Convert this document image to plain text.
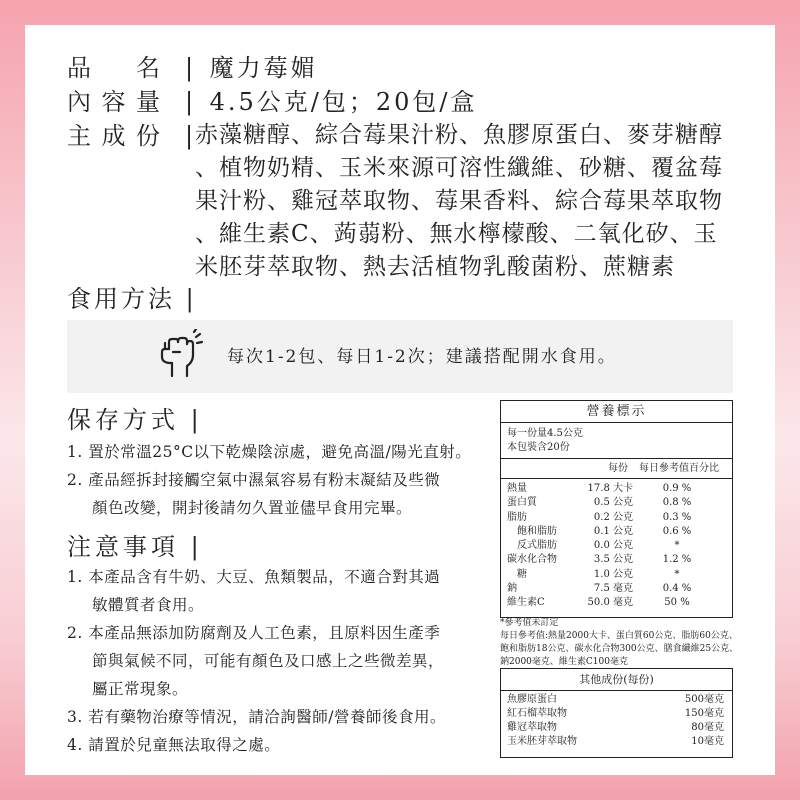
品 名 | 魔力莓媚
內 容 量 | 4.5公克/包；20包/盒
主 成 份 |
赤藻糖醇、綜合莓果汁粉、魚膠原蛋白、麥芽糖醇
、植物奶精、玉米來源可溶性纖維、砂糖、覆盆莓
果汁粉、雞冠萃取物、莓果香料、綜合莓果萃取物
、維生素C、蒟蒻粉、無水檸檬酸、二氧化矽、玉
米胚芽萃取物、熱去活植物乳酸菌粉、蔗糖素
食用方法 |
每次1-2包、每日1-2次；建議搭配開水食用。
保存方式 |
1. 置於常溫25°C以下乾燥陰涼處，避免高溫/陽光直射。
2. 產品經拆封接觸空氣中濕氣容易有粉末凝結及些微
顏色改變，開封後請勿久置並儘早食用完畢。
注意事項 |
1. 本產品含有牛奶、大豆、魚類製品，不適合對其過
敏體質者食用。
2. 本產品無添加防腐劑及人工色素，且原料因生產季
節與氣候不同，可能有顏色及口感上之些微差異，
屬正常現象。
3. 若有藥物治療等情況，請洽詢醫師/營養師後食用。
4. 請置於兒童無法取得之處。
營養標示
每一份量4.5公克
本包裝含20份
每份	每日參考值百分比
熱量	17.8 大卡	0.9 %
蛋白質	0.5 公克	0.8 %
脂肪	0.2 公克	0.3 %
　飽和脂肪	0.1 公克	0.6 %
　反式脂肪	0.0 公克	*
碳水化合物	3.5 公克	1.2 %
　糖	1.0 公克	*
鈉	7.5 毫克	0.4 %
維生素C	50.0 毫克	50 %
*參考值未訂定
每日參考值:熱量2000大卡、蛋白質60公克、脂肪60公克、飽和脂肪18公克、碳水化合物300公克、膳食纖維25公克、鈉2000毫克、維生素C100毫克
其他成份(每份)
魚膠原蛋白	500毫克
紅石榴萃取物	150毫克
雞冠萃取物	80毫克
玉米胚芽萃取物	10毫克
